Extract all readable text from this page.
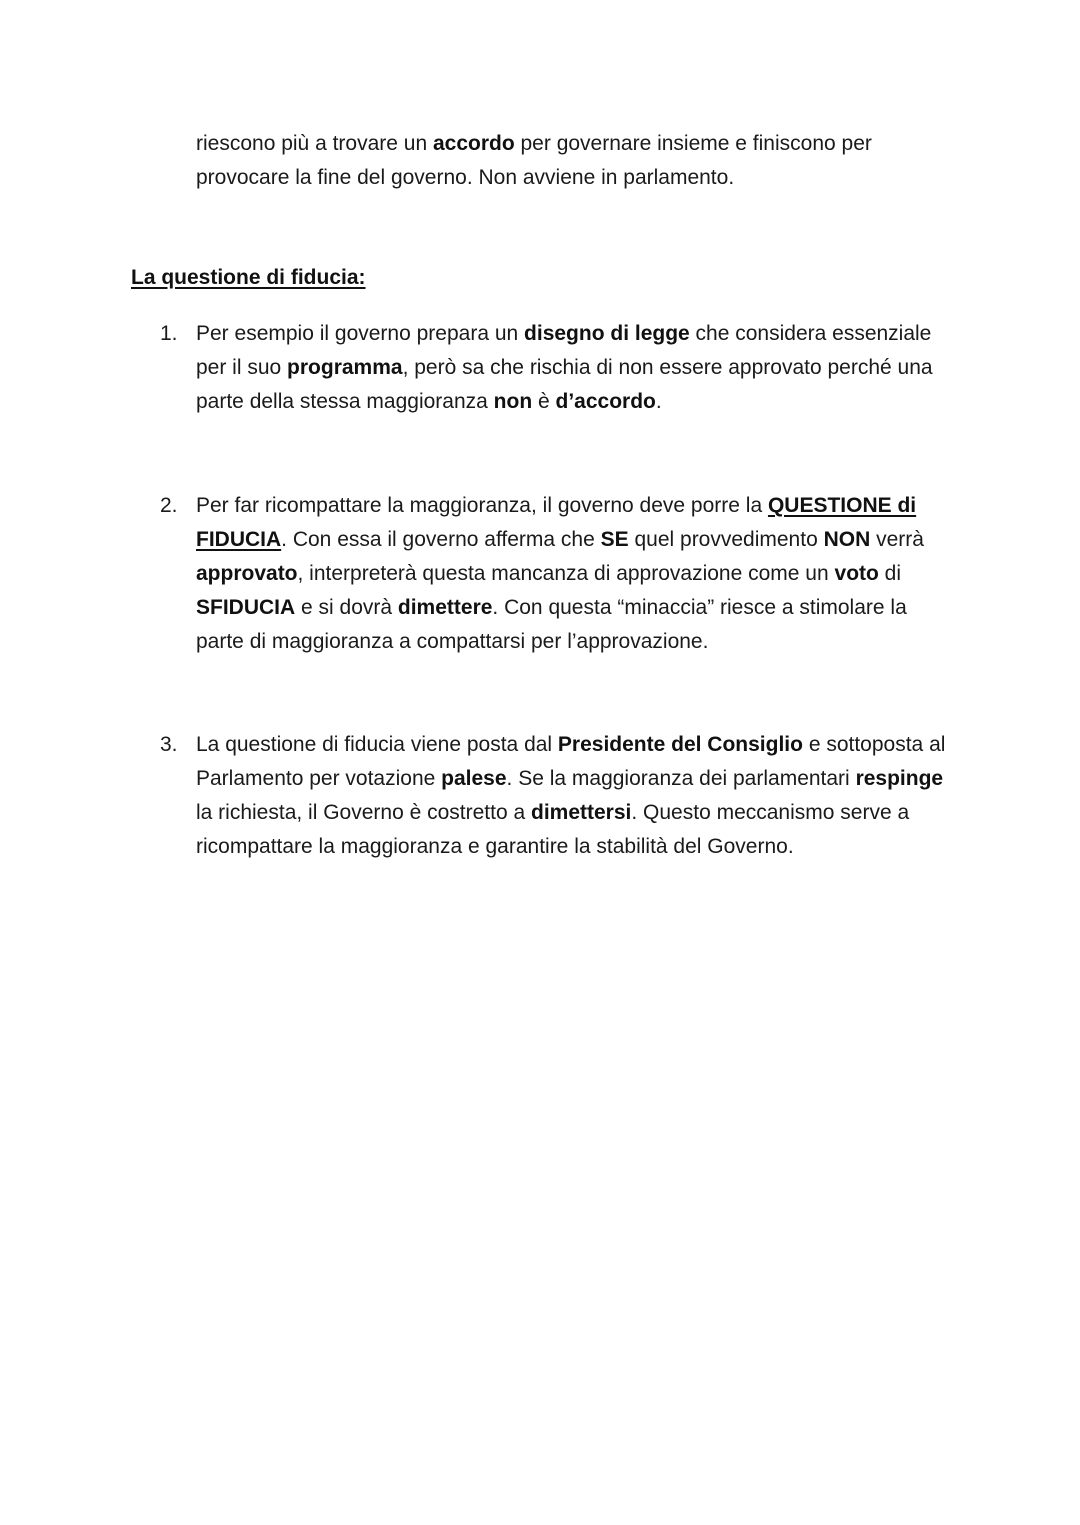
riescono più a trovare un accordo per governare insieme e finiscono per provocare la fine del governo. Non avviene in parlamento.

La questione di fiducia:
1. Per esempio il governo prepara un disegno di legge che considera essenziale per il suo programma, però sa che rischia di non essere approvato perché una parte della stessa maggioranza non è d’accordo.

2. Per far ricompattare la maggioranza, il governo deve porre la QUESTIONE di FIDUCIA. Con essa il governo afferma che SE quel provvedimento NON verrà approvato, interpreterà questa mancanza di approvazione come un voto di SFIDUCIA e si dovrà dimettere. Con questa “minaccia” riesce a stimolare la parte di maggioranza a compattarsi per l’approvazione.

3. La questione di fiducia viene posta dal Presidente del Consiglio e sottoposta al Parlamento per votazione palese. Se la maggioranza dei parlamentari respinge la richiesta, il Governo è costretto a dimettersi. Questo meccanismo serve a ricompattare la maggioranza e garantire la stabilità del Governo.
